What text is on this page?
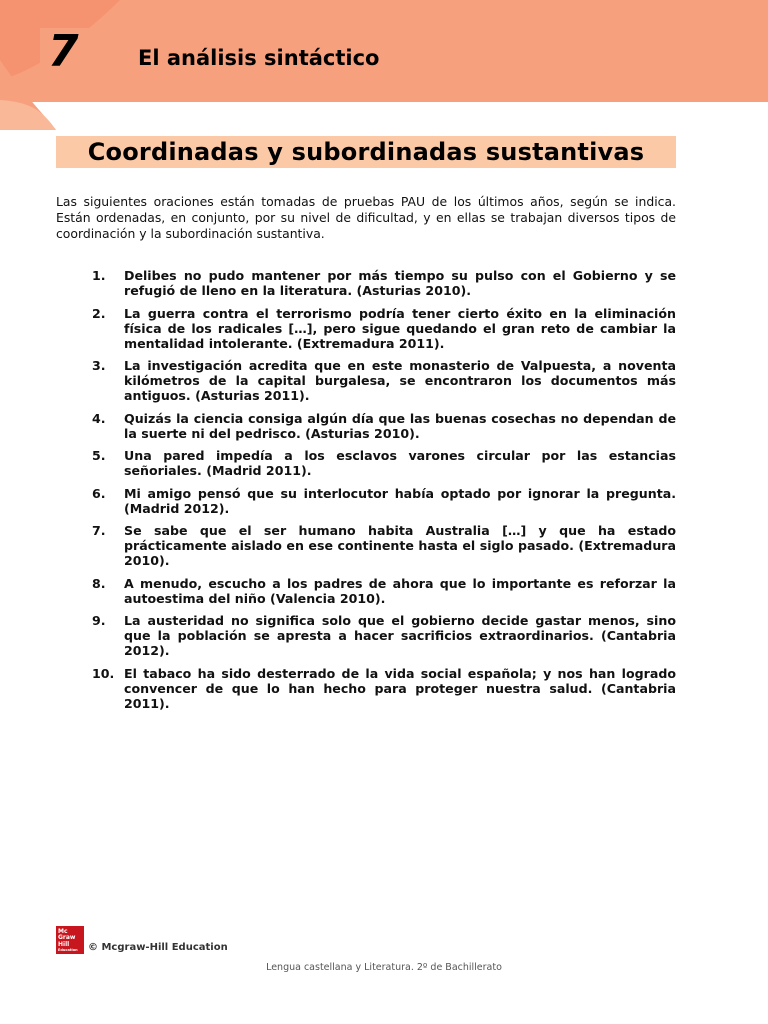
7	El análisis sintáctico
Coordinadas y subordinadas sustantivas

Las siguientes oraciones están tomadas de pruebas PAU de los últimos años, según se indica. Están ordenadas, en conjunto, por su nivel de dificultad, y en ellas se trabajan diversos tipos de coordinación y la subordinación sustantiva.

1.	Delibes no pudo mantener por más tiempo su pulso con el Gobierno y se refugió de lleno en la literatura. (Asturias 2010).
2.	La guerra contra el terrorismo podría tener cierto éxito en la eliminación física de los radicales […], pero sigue quedando el gran reto de cambiar la mentalidad intolerante. (Extremadura 2011).
3.	La investigación acredita que en este monasterio de Valpuesta, a noventa kilómetros de la capital burgalesa, se encontraron los documentos más antiguos. (Asturias 2011).
4.	Quizás la ciencia consiga algún día que las buenas cosechas no dependan de la suerte ni del pedrisco. (Asturias 2010).
5.	Una pared impedía a los esclavos varones circular por las estancias señoriales. (Madrid 2011).
6.	Mi amigo pensó que su interlocutor había optado por ignorar la pregunta. (Madrid 2012).
7.	Se sabe que el ser humano habita Australia […] y que ha estado prácticamente aislado en ese continente hasta el siglo pasado. (Extremadura 2010).
8.	A menudo, escucho a los padres de ahora que lo importante es reforzar la autoestima del niño (Valencia 2010).
9.	La austeridad no significa solo que el gobierno decide gastar menos, sino que la población se apresta a hacer sacrificios extraordinarios. (Cantabria 2012).
10. El tabaco ha sido desterrado de la vida social española; y nos han logrado convencer de que lo han hecho para proteger nuestra salud. (Cantabria 2011).
Mc
Graw
Hill
Education	© Mcgraw-Hill Education
Lengua castellana y Literatura. 2º de Bachillerato
